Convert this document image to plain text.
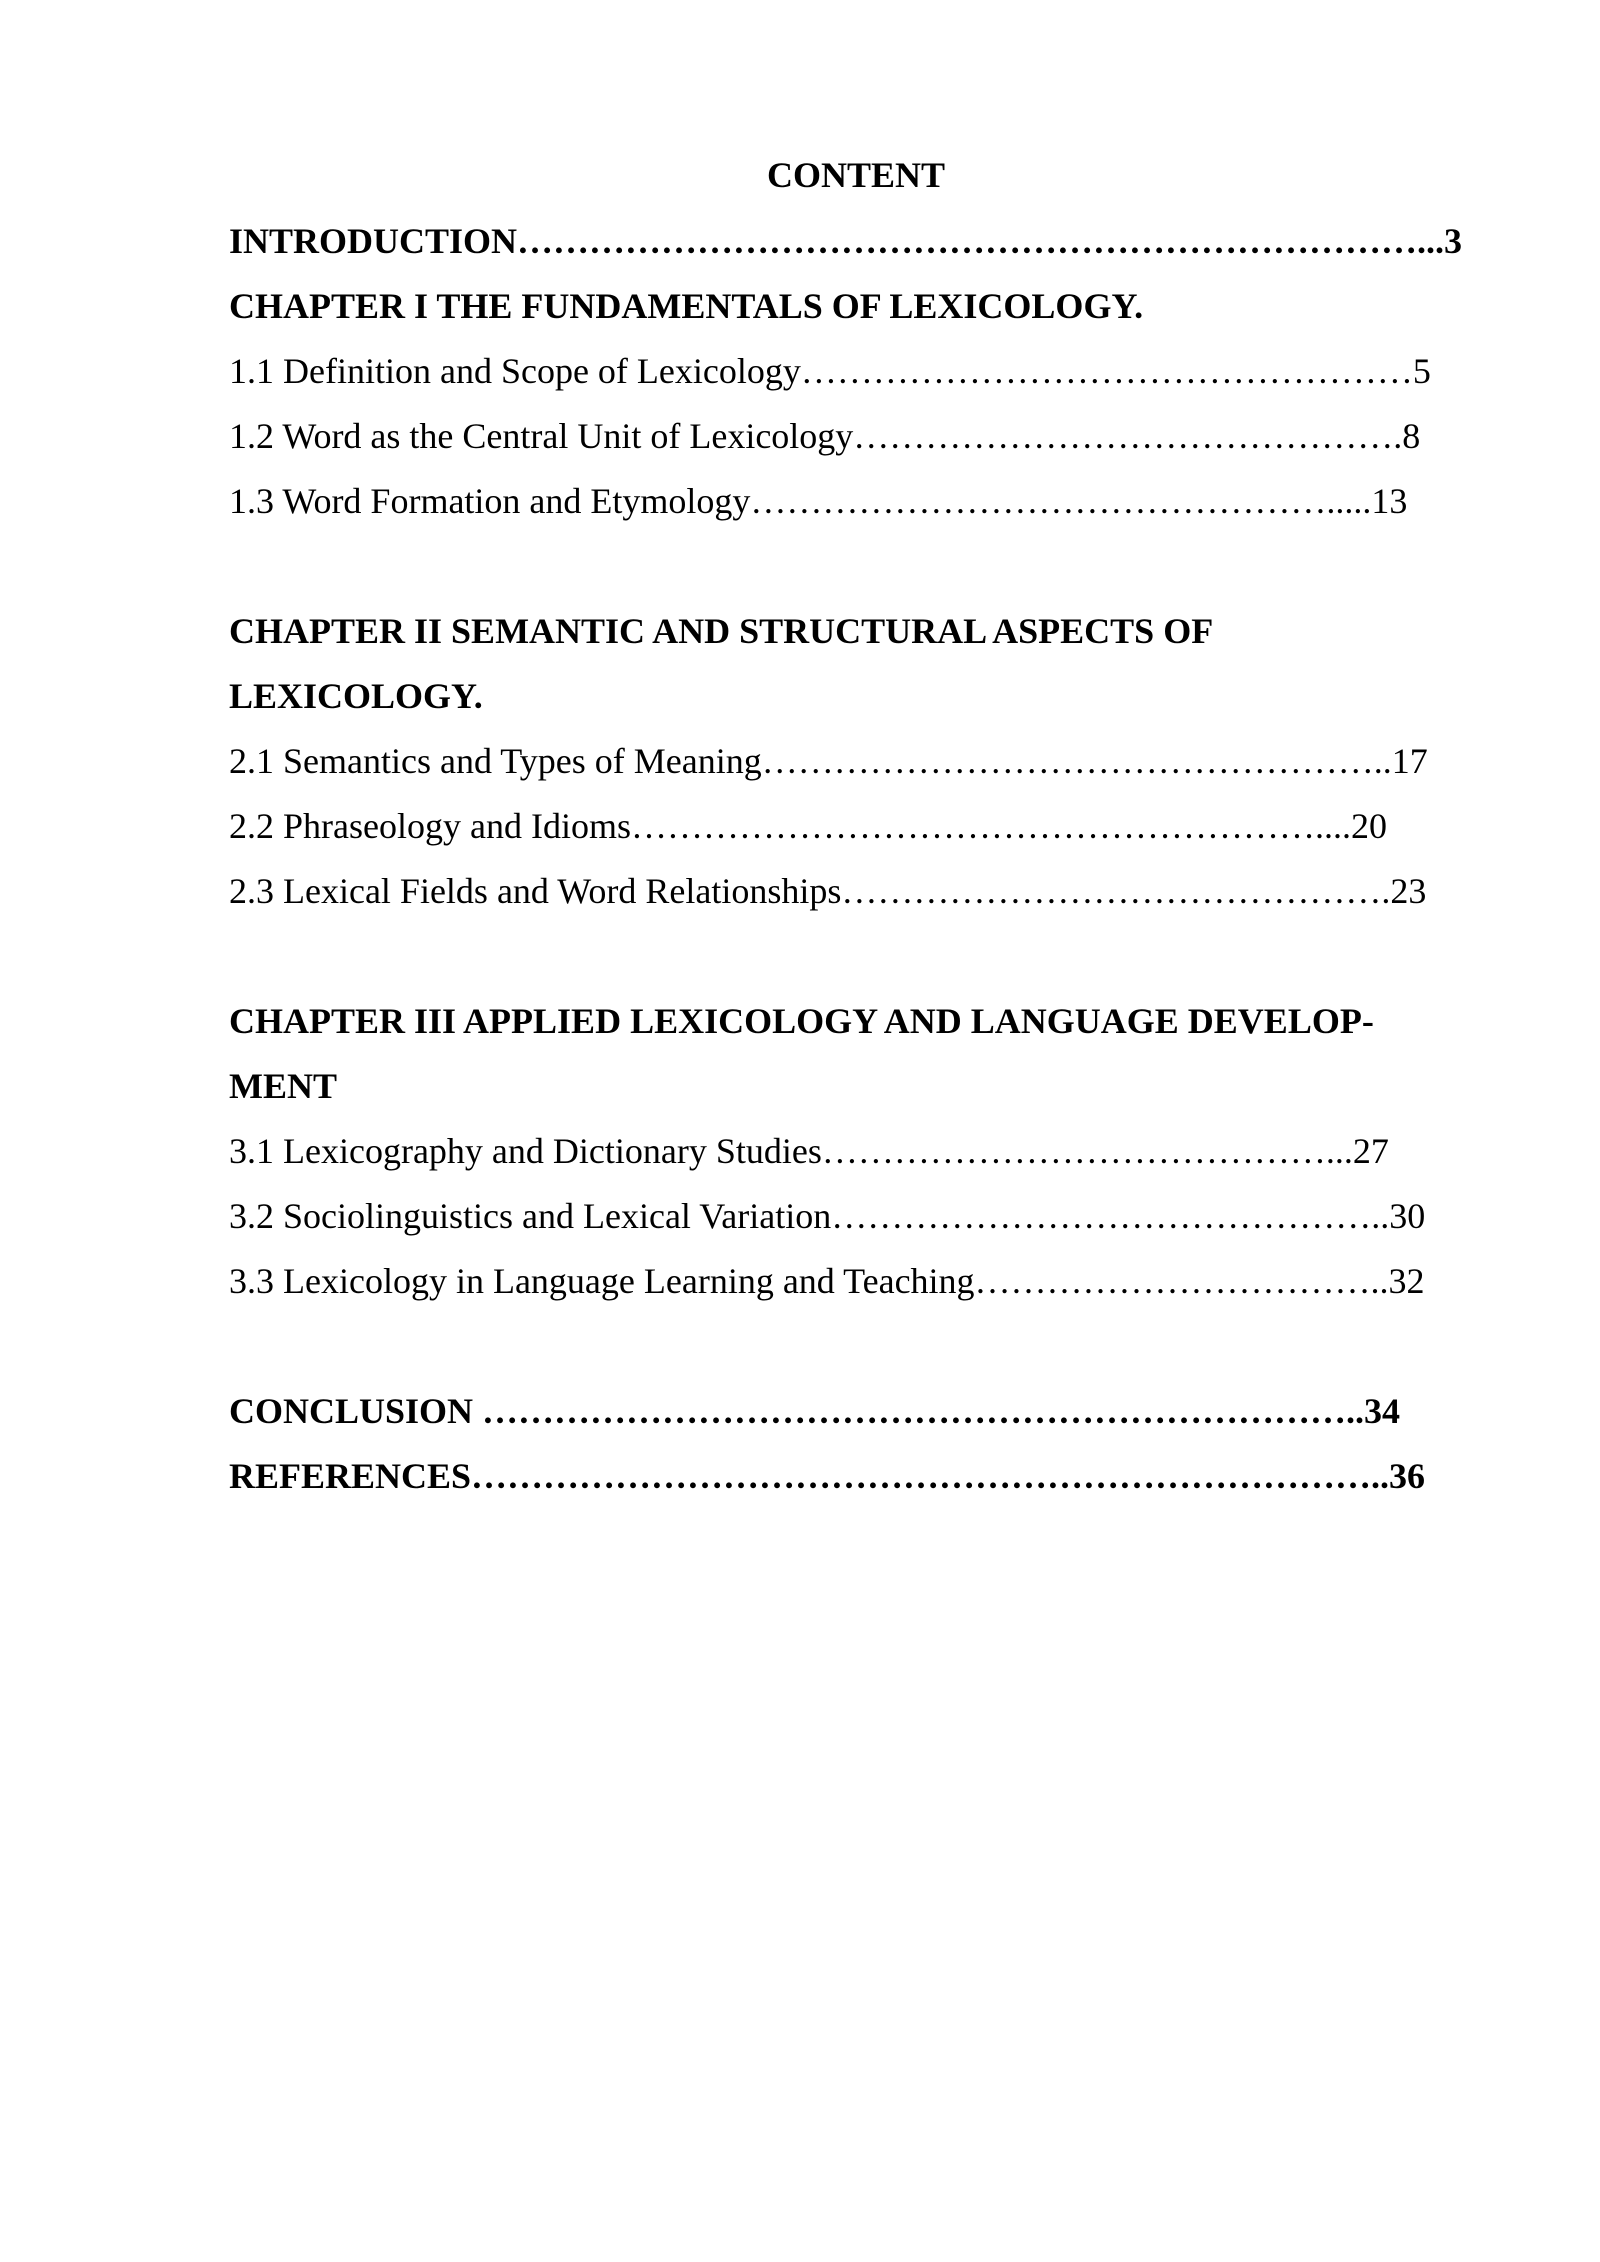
CONTENT
INTRODUCTION…………………………………………………………………...3
CHAPTER I THE FUNDAMENTALS OF LEXICOLOGY.
1.1 Definition and Scope of Lexicology……………………………………………5
1.2 Word as the Central Unit of Lexicology……………………………………….8
1.3 Word Formation and Etymology………………………………………….....13
CHAPTER II SEMANTIC AND STRUCTURAL ASPECTS OF
LEXICOLOGY.
2.1 Semantics and Types of Meaning……………………………………………..17
2.2 Phraseology and Idioms…………………………………………………....20
2.3 Lexical Fields and Word Relationships……………………………………….23
CHAPTER III APPLIED LEXICOLOGY AND LANGUAGE DEVELOP-
MENT
3.1 Lexicography and Dictionary Studies……………………………………...27
3.2 Sociolinguistics and Lexical Variation………………………………………..30
3.3 Lexicology in Language Learning and Teaching……………………………..32
CONCLUSION ………………………………………………………………..34
REFERENCES…………………………………………………………………..36
